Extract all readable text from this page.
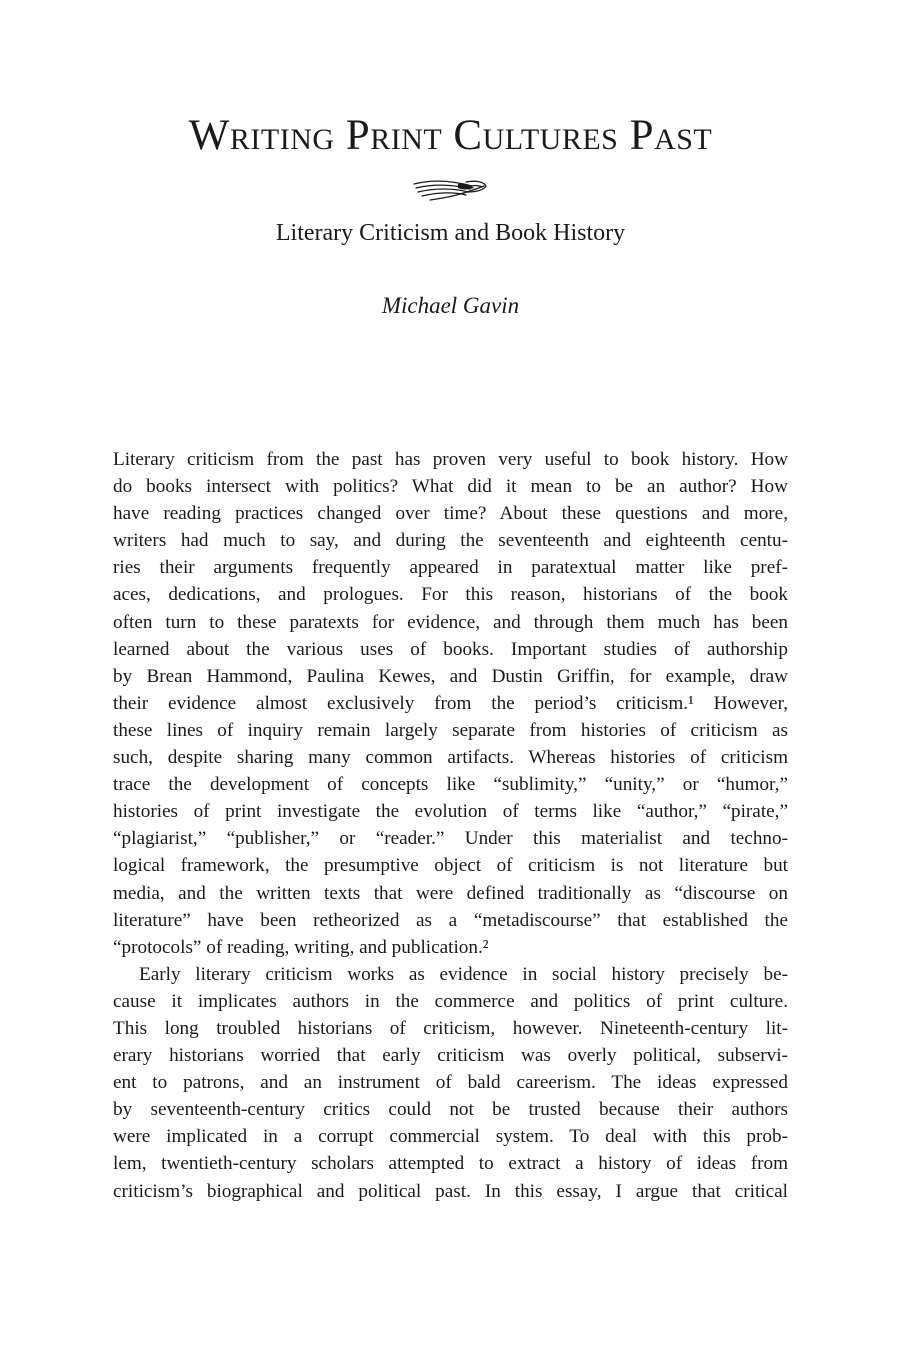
Writing Print Cultures Past
Literary Criticism and Book History

Michael Gavin

Literary criticism from the past has proven very useful to book history. How
do books intersect with politics? What did it mean to be an author? How
have reading practices changed over time? About these questions and more,
writers had much to say, and during the seventeenth and eighteenth centu-
ries their arguments frequently appeared in paratextual matter like pref-
aces, dedications, and prologues. For this reason, historians of the book
often turn to these paratexts for evidence, and through them much has been
learned about the various uses of books. Important studies of authorship
by Brean Hammond, Paulina Kewes, and Dustin Griffin, for example, draw
their evidence almost exclusively from the period’s criticism.¹ However,
these lines of inquiry remain largely separate from histories of criticism as
such, despite sharing many common artifacts. Whereas histories of criticism
trace the development of concepts like “sublimity,” “unity,” or “humor,”
histories of print investigate the evolution of terms like “author,” “pirate,”
“plagiarist,” “publisher,” or “reader.” Under this materialist and techno-
logical framework, the presumptive object of criticism is not literature but
media, and the written texts that were defined traditionally as “discourse on
literature” have been retheorized as a “metadiscourse” that established the
“protocols” of reading, writing, and publication.²
Early literary criticism works as evidence in social history precisely be-
cause it implicates authors in the commerce and politics of print culture.
This long troubled historians of criticism, however. Nineteenth-century lit-
erary historians worried that early criticism was overly political, subservi-
ent to patrons, and an instrument of bald careerism. The ideas expressed
by seventeenth-century critics could not be trusted because their authors
were implicated in a corrupt commercial system. To deal with this prob-
lem, twentieth-century scholars attempted to extract a history of ideas from
criticism’s biographical and political past. In this essay, I argue that critical
